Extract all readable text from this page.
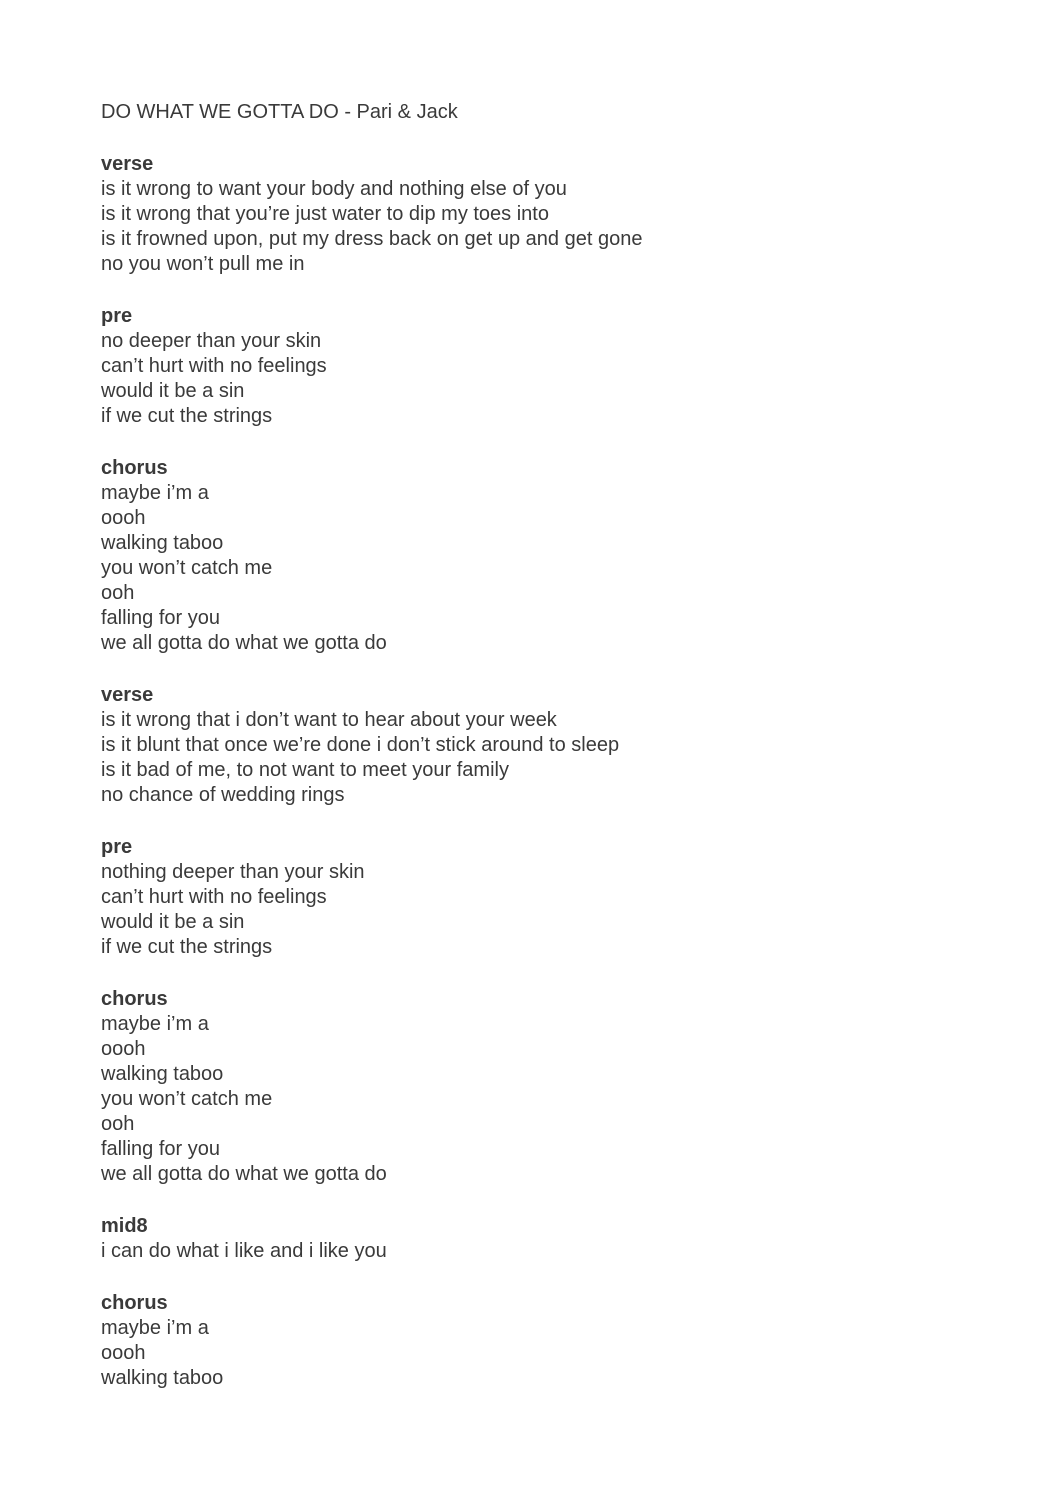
DO WHAT WE GOTTA DO - Pari & Jack
verse
is it wrong to want your body and nothing else of you
is it wrong that you’re just water to dip my toes into
is it frowned upon, put my dress back on get up and get gone
no you won’t pull me in
pre
no deeper than your skin
can’t hurt with no feelings
would it be a sin
if we cut the strings
chorus
maybe i’m a
oooh
walking taboo
you won’t catch me
ooh
falling for you
we all gotta do what we gotta do
verse
is it wrong that i don’t want to hear about your week
is it blunt that once we’re done i don’t stick around to sleep
is it bad of me, to not want to meet your family
no chance of wedding rings
pre
nothing deeper than your skin
can’t hurt with no feelings
would it be a sin
if we cut the strings
chorus
maybe i’m a
oooh
walking taboo
you won’t catch me
ooh
falling for you
we all gotta do what we gotta do
mid8
i can do what i like and i like you
chorus
maybe i’m a
oooh
walking taboo
